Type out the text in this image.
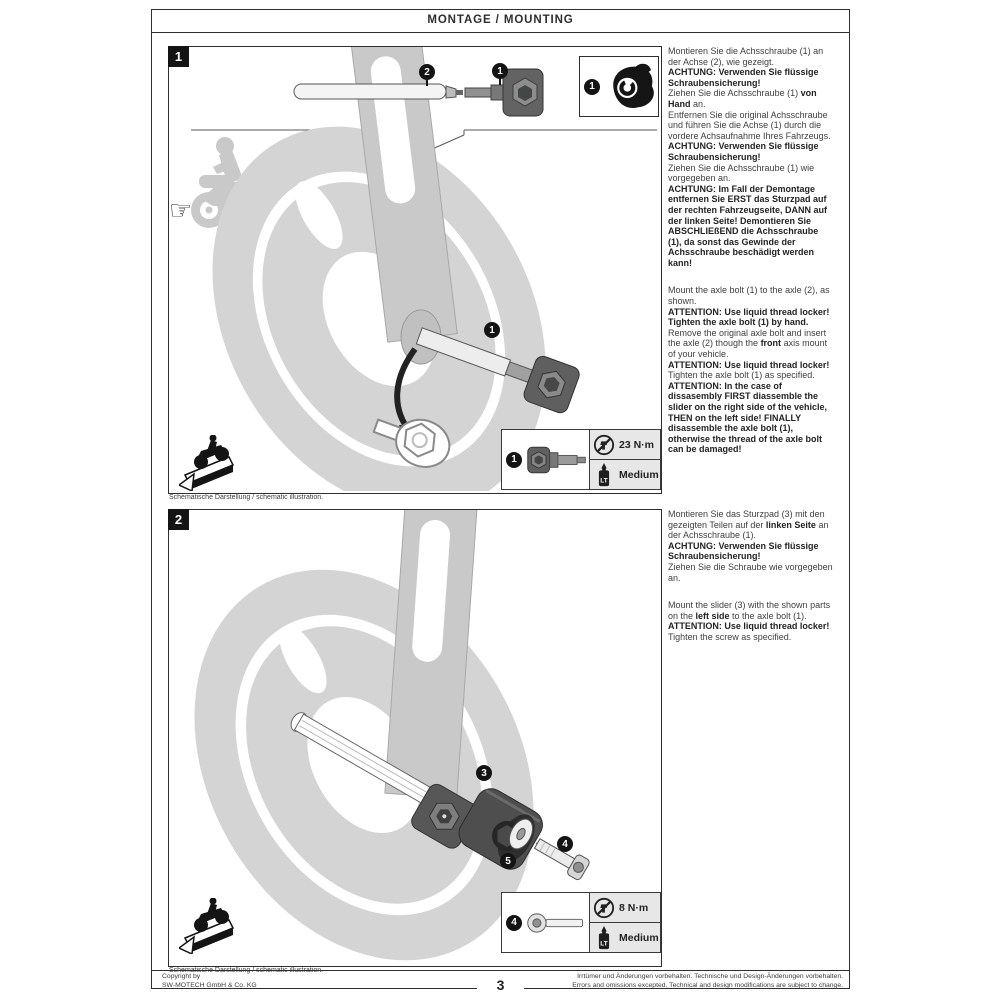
MONTAGE / MOUNTING
1
☞
2	1
1
1
1
23 N·m
LT Medium
Schematische Darstellung / schematic illustration.

Montieren Sie die Achsschraube (1) an der Achse (2), wie gezeigt.
ACHTUNG: Verwenden Sie flüssige Schraubensicherung!
Ziehen Sie die Achsschraube (1) von Hand an.
Entfernen Sie die original Achsschraube und führen Sie die Achse (1) durch die vordere Achsaufnahme Ihres Fahrzeugs.
ACHTUNG: Verwenden Sie flüssige Schraubensicherung!
Ziehen Sie die Achsschraube (1) wie vorgegeben an.
ACHTUNG: Im Fall der Demontage entfernen Sie ERST das Sturzpad auf der rechten Fahrzeugseite, DANN auf der linken Seite! Demontieren Sie ABSCHLIEßEND die Achsschraube (1), da sonst das Gewinde der Achsschraube beschädigt werden kann!

Mount the axle bolt (1) to the axle (2), as shown.
ATTENTION: Use liquid thread locker! Tighten the axle bolt (1) by hand.
Remove the original axle bolt and insert the axle (2) though the front axis mount of your vehicle.
ATTENTION: Use liquid thread locker!
Tighten the axle bolt (1) as specified.
ATTENTION: In the case of dissasembly FIRST diassemble the slider on the right side of the vehicle, THEN on the left side! FINALLY disassemble the axle bolt (1), otherwise the thread of the axle bolt can be damaged!

2
3
5
4
4
8 N·m
LT Medium
Schematische Darstellung / schematic illustration.

Montieren Sie das Sturzpad (3) mit den gezeigten Teilen auf der linken Seite an der Achsschraube (1).
ACHTUNG: Verwenden Sie flüssige Schraubensicherung!
Ziehen Sie die Schraube wie vorgegeben an.

Mount the slider (3) with the shown parts on the left side to the axle bolt (1).
ATTENTION: Use liquid thread locker!
Tighten the screw as specified.

Copyright by
SW-MOTECH GmbH & Co. KG
Irrtümer und Änderungen vorbehalten. Technische und Design-Änderungen vorbehalten.
Errors and omissions excepted. Technical and design modifications are subject to change.
3
